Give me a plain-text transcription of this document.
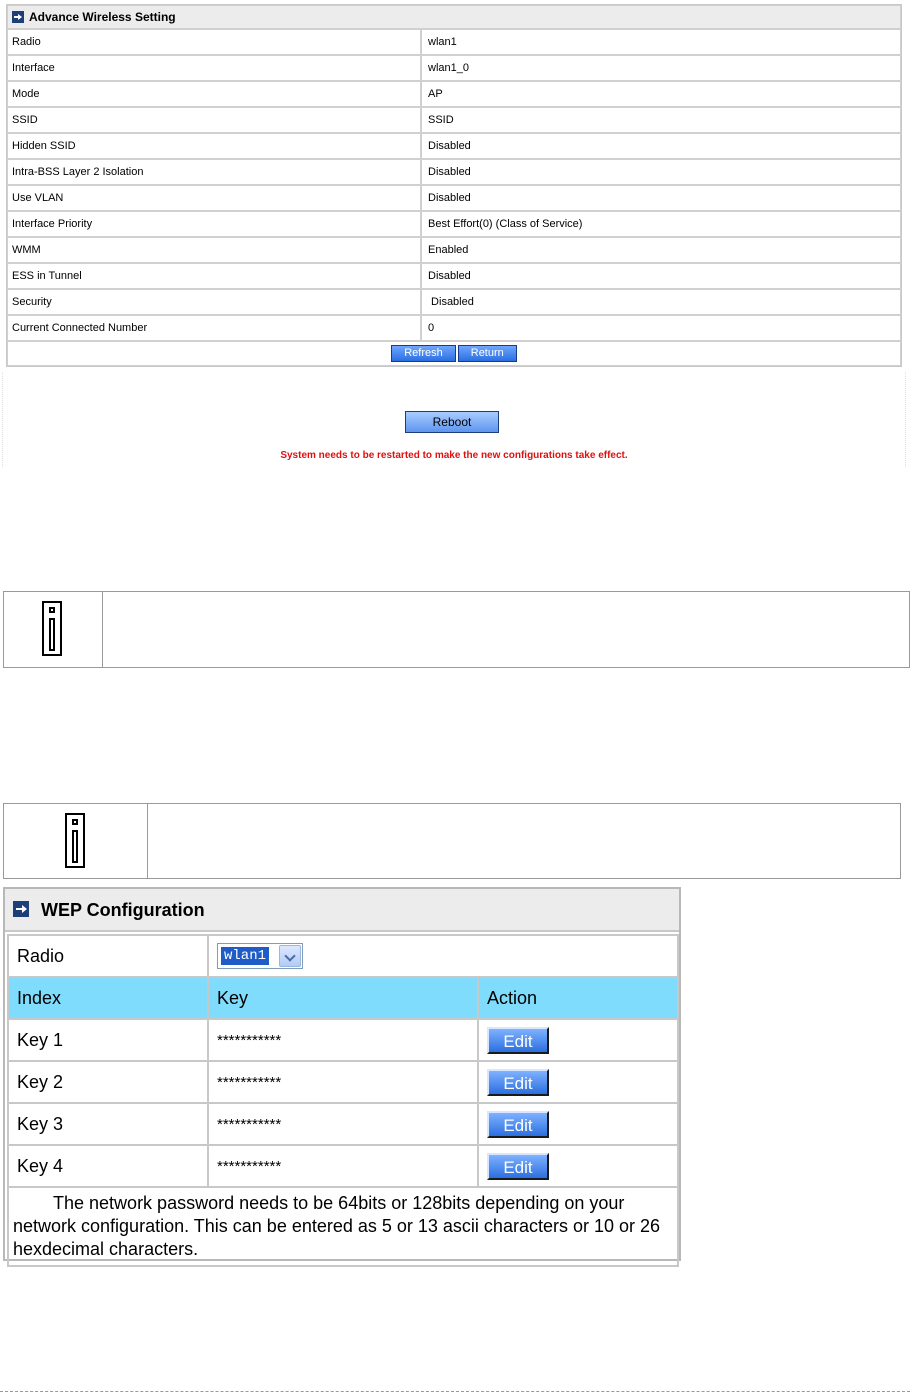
Advance Wireless Setting	
Radio	wlan1
Interface	wlan1_0
Mode	AP
SSID	SSID
Hidden SSID	Disabled
Intra-BSS Layer 2 Isolation	Disabled
Use VLAN	Disabled
Interface Priority	Best Effort(0) (Class of Service)
WMM	Enabled
ESS in Tunnel	Disabled
Security	Disabled
Current Connected Number	0
Refresh Return	
Reboot
System needs to be restarted to make the new configurations take effect.
WEP Configuration
Radio	wlan1	

Index	Key	Action
Key 1	***********	Edit
Key 2	***********	Edit
Key 3	***********	Edit
Key 4	***********	Edit
The network password needs to be 64bits or 128bits depending on your network configuration. This can be entered as 5 or 13 ascii characters or 10 or 26 hexdecimal characters.		
